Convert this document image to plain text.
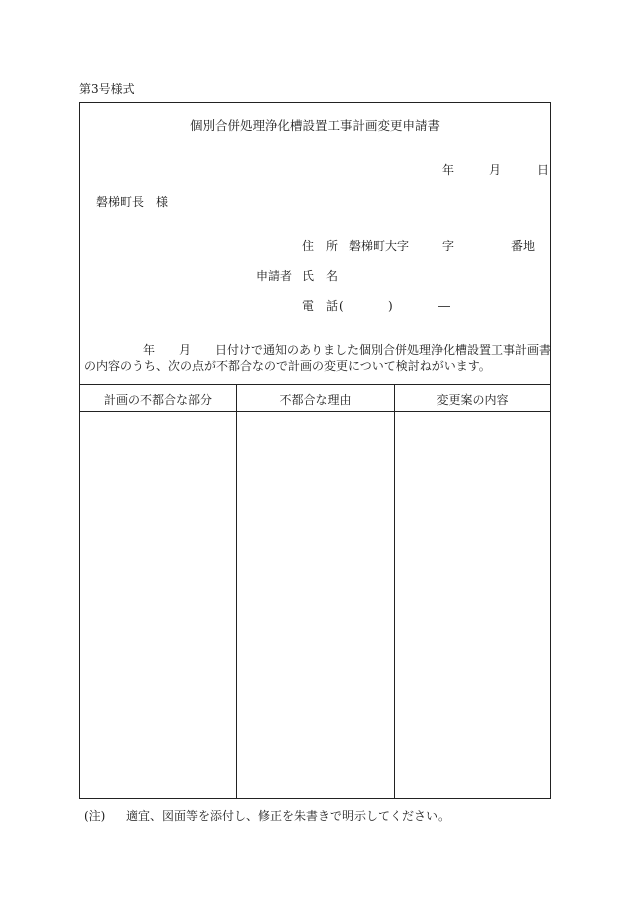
第3号様式
個別合併処理浄化槽設置工事計画変更申請書
年	月	日
磐梯町長　様
住　所 磐梯町大字	字	番地
申請者 氏　名
電　話 (	)	―
年　　月　　日付けで通知のありました個別合併処理浄化槽設置工事計画書
の内容のうち、次の点が不都合なので計画の変更について検討ねがいます。
計画の不都合な部分	不都合な理由	変更案の内容
(注) 適宜、図面等を添付し、修正を朱書きで明示してください。
